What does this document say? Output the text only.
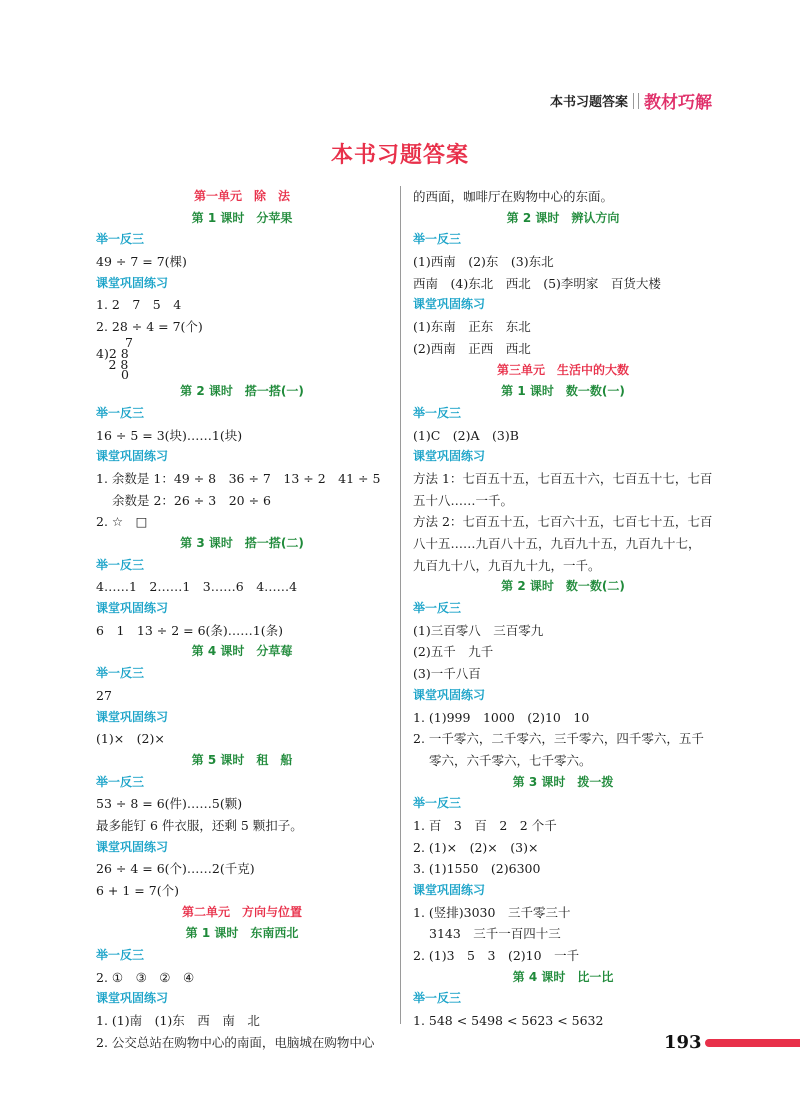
本书习题答案 教材巧解
本书习题答案
第一单元　除　法
第 1 课时　分苹果
举一反三
49 ÷ 7 = 7(棵)
课堂巩固练习
1. 2　7　5　4
2. 28 ÷ 4 = 7(个)
　　 7
4)2 8
　2 8
　　0
第 2 课时　搭一搭(一)
举一反三
16 ÷ 5 = 3(块)……1(块)
课堂巩固练习
1. 余数是 1：49 ÷ 8　36 ÷ 7　13 ÷ 2　41 ÷ 5
余数是 2：26 ÷ 3　20 ÷ 6
2. ☆　□
第 3 课时　搭一搭(二)
举一反三
4……1　2……1　3……6　4……4
课堂巩固练习
6　1　13 ÷ 2 = 6(条)……1(条)
第 4 课时　分草莓
举一反三
27
课堂巩固练习
(1)×　(2)×
第 5 课时　租　船
举一反三
53 ÷ 8 = 6(件)……5(颗)
最多能钉 6 件衣服，还剩 5 颗扣子。
课堂巩固练习
26 ÷ 4 = 6(个)……2(千克)
6 + 1 = 7(个)
第二单元　方向与位置
第 1 课时　东南西北
举一反三
2. ①　③　②　④
课堂巩固练习
1. (1)南　(1)东　西　南　北
2. 公交总站在购物中心的南面，电脑城在购物中心
的西面，咖啡厅在购物中心的东面。
第 2 课时　辨认方向
举一反三
(1)西南　(2)东　(3)东北
西南　(4)东北　西北　(5)李明家　百货大楼
课堂巩固练习
(1)东南　正东　东北
(2)西南　正西　西北
第三单元　生活中的大数
第 1 课时　数一数(一)
举一反三
(1)C　(2)A　(3)B
课堂巩固练习
方法 1：七百五十五，七百五十六，七百五十七，七百
五十八……一千。
方法 2：七百五十五，七百六十五，七百七十五，七百
八十五……九百八十五，九百九十五，九百九十七，
九百九十八，九百九十九，一千。
第 2 课时　数一数(二)
举一反三
(1)三百零八　三百零九
(2)五千　九千
(3)一千八百
课堂巩固练习
1. (1)999　1000　(2)10　10
2. 一千零六，二千零六，三千零六，四千零六，五千
零六，六千零六，七千零六。
第 3 课时　拨一拨
举一反三
1. 百　3　百　2　2 个千
2. (1)×　(2)×　(3)×
3. (1)1550　(2)6300
课堂巩固练习
1. (竖排)3030　三千零三十
3143　三千一百四十三
2. (1)3　5　3　(2)10　一千
第 4 课时　比一比
举一反三
1. 548 < 5498 < 5623 < 5632
193
